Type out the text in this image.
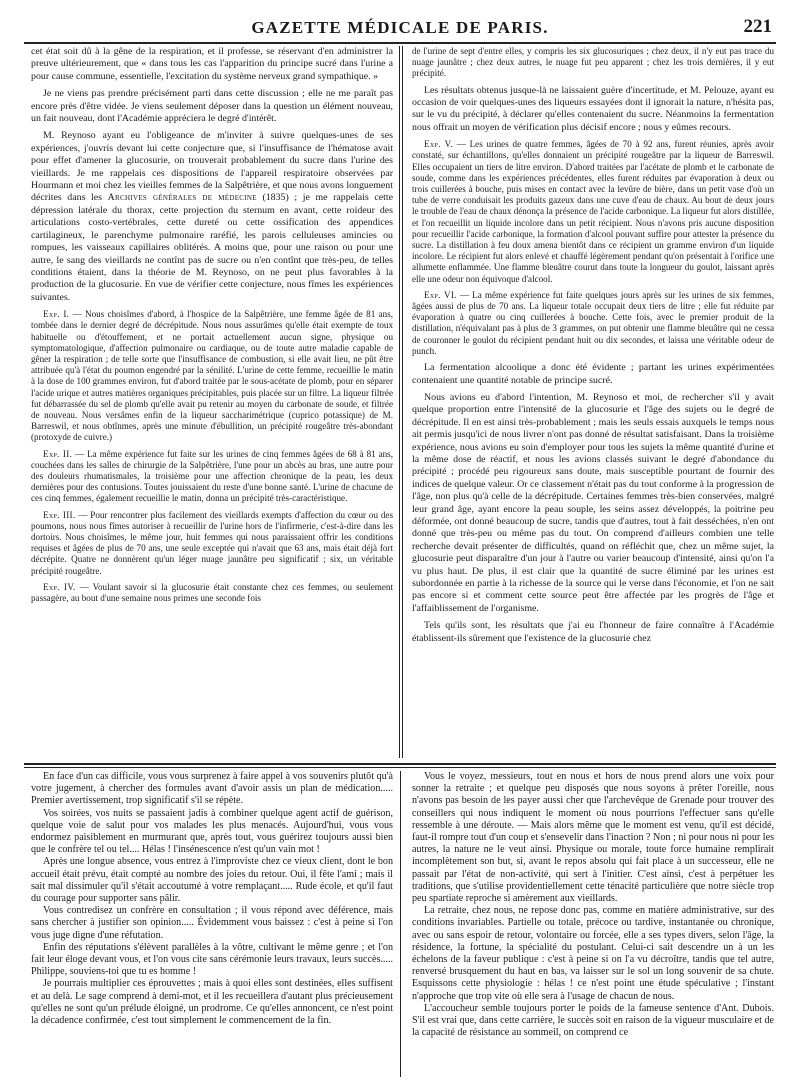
GAZETTE MÉDICALE DE PARIS.	221

cet état soit dû à la gêne de la respiration, et il professe, se réservant d'en administrer la preuve ultérieurement, que « dans tous les cas l'apparition du principe sucré dans l'urine a pour cause commune, essentielle, l'excitation du système nerveux grand sympathique. »

Je ne viens pas prendre précisément parti dans cette discussion ; elle ne me paraît pas encore près d'être vidée. Je viens seulement déposer dans la question un élément nouveau, un fait nouveau, dont l'Académie appréciera le degré d'intérêt.

M. Reynoso ayant eu l'obligeance de m'inviter à suivre quelques-unes de ses expériences, j'ouvris devant lui cette conjecture que, si l'insuffisance de l'hématose avait pour effet d'amener la glucosurie, on trouverait probablement du sucre dans l'urine des vieillards. Je me rappelais ces dispositions de l'appareil respiratoire observées par Hourmann et moi chez les vieilles femmes de la Salpêtrière, et que nous avons longuement décrites dans les Archives générales de médecine (1835) ; je me rappelais cette dépression latérale du thorax, cette projection du sternum en avant, cette roideur des articulations costo-vertébrales, cette dureté ou cette ossification des appendices cartilagineux, le parenchyme pulmonaire raréfié, les parois celluleuses amincies ou rompues, les vaisseaux capillaires oblitérés. A moins que, pour une raison ou pour une autre, le sang des vieillards ne contînt pas de sucre ou n'en contînt que très-peu, de telles conditions étaient, dans la théorie de M. Reynoso, on ne peut plus favorables à la production de la glucosurie. En vue de vérifier cette conjecture, nous fîmes les expériences suivantes.

Exp. I. — Nous choisîmes d'abord, à l'hospice de la Salpêtrière, une femme âgée de 81 ans, tombée dans le dernier degré de décrépitude. Nous nous assurâmes qu'elle était exempte de toux habituelle ou d'étouffement, et ne portait actuellement aucun signe, physique ou symptomatologique, d'affection pulmonaire ou cardiaque, ou de toute autre maladie capable de gêner la respiration ; de telle sorte que l'insuffisance de combustion, si elle avait lieu, ne pût être attribuée qu'à l'état du poumon engendré par la sénilité. L'urine de cette femme, recueillie le matin à la dose de 100 grammes environ, fut d'abord traitée par le sous-acétate de plomb, pour en séparer l'acide urique et autres matières organiques précipitables, puis placée sur un filtre. La liqueur filtrée fut débarrassée du sel de plomb qu'elle avait pu retenir au moyen du carbonate de soude, et filtrée de nouveau. Nous versâmes enfin de la liqueur saccharimétrique (cuprico potassique) de M. Barreswil, et nous obtînmes, après une minute d'ébullition, un précipité rougeâtre très-abondant (protoxyde de cuivre.)

Exp. II. — La même expérience fut faite sur les urines de cinq femmes âgées de 68 à 81 ans, couchées dans les salles de chirurgie de la Salpêtrière, l'une pour un abcès au bras, une autre pour des douleurs rhumatismales, la troisième pour une affection chronique de la peau, les deux dernières pour des contusions. Toutes jouissaient du reste d'une bonne santé. L'urine de chacune de ces cinq femmes, également recueillie le matin, donna un précipité très-caractéristique.

Exp. III. — Pour rencontrer plus facilement des vieillards exempts d'affection du cœur ou des poumons, nous nous fîmes autoriser à recueillir de l'urine hors de l'infirmerie, c'est-à-dire dans les dortoirs. Nous choisîmes, le même jour, huit femmes qui nous paraissaient offrir les conditions requises et âgées de plus de 70 ans, une seule exceptée qui n'avait que 63 ans, mais était déjà fort décrépite. Quatre ne donnèrent qu'un léger nuage jaunâtre peu significatif ; six, un véritable précipité rougeâtre.

Exp. IV. — Voulant savoir si la glucosurie était constante chez ces femmes, ou seulement passagère, au bout d'une semaine nous primes une seconde fois

de l'urine de sept d'entre elles, y compris les six glucosuriques ; chez deux, il n'y eut pas trace du nuage jaunâtre ; chez deux autres, le nuage fut peu apparent ; chez les trois dernières, il y eut précipité.

Les résultats obtenus jusque-là ne laissaient guère d'incertitude, et M. Pelouze, ayant eu occasion de voir quelques-unes des liqueurs essayées dont il ignorait la nature, n'hésita pas, sur le vu du précipité, à déclarer qu'elles contenaient du sucre. Néanmoins la fermentation nous offrait un moyen de vérification plus décisif encore ; nous y eûmes recours.

Exp. V. — Les urines de quatre femmes, âgées de 70 à 92 ans, furent réunies, après avoir constaté, sur échantillons, qu'elles donnaient un précipité rougeâtre par la liqueur de Barreswil. Elles occupaient un tiers de litre environ. D'abord traitées par l'acétate de plomb et le carbonate de soude, comme dans les expériences précédentes, elles furent réduites par évaporation à deux ou trois cuillerées à bouche, puis mises en contact avec la levûre de bière, dans un petit vase d'où un tube de verre conduisait les produits gazeux dans une cuve d'eau de chaux. Au bout de deux jours le trouble de l'eau de chaux dénonça la présence de l'acide carbonique. La liqueur fut alors distillée, et l'on recueillit un liquide incolore dans un petit récipient. Nous n'avons pris aucune disposition pour recueillir l'acide carbonique, la formation d'alcool pouvant suffire pour attester la présence du sucre. La distillation à feu doux amena bientôt dans ce récipient un gramme environ d'un liquide incolore. Le récipient fut alors enlevé et chauffé légèrement pendant qu'on présentait à l'orifice une allumette enflammée. Une flamme bleuâtre courut dans toute la longueur du goulot, laissant après elle une odeur non équivoque d'alcool.

Exp. VI. — La même expérience fut faite quelques jours après sur les urines de six femmes, âgées aussi de plus de 70 ans. La liqueur totale occupait deux tiers de litre ; elle fut réduite par évaporation à quatre ou cinq cuillerées à bouche. Cette fois, avec le premier produit de la distillation, n'équivalant pas à plus de 3 grammes, on put obtenir une flamme bleuâtre qui ne cessa de couronner le goulot du récipient pendant huit ou dix secondes, et laissa une véritable odeur de punch.

La fermentation alcoolique a donc été évidente ; partant les urines expérimentées contenaient une quantité notable de principe sucré.

Nous avions eu d'abord l'intention, M. Reynoso et moi, de rechercher s'il y avait quelque proportion entre l'intensité de la glucosurie et l'âge des sujets ou le degré de décrépitude. Il en est ainsi très-probablement ; mais les seuls essais auxquels le temps nous ait permis jusqu'ici de nous livrer n'ont pas donné de résultat satisfaisant. Dans la troisième expérience, nous avions eu soin d'employer pour tous les sujets la même quantité d'urine et la même dose de réactif, et nous les avions classés suivant le degré d'abondance du précipité ; procédé peu rigoureux sans doute, mais susceptible pourtant de fournir des indices de quelque valeur. Or ce classement n'était pas du tout conforme à la progression de l'âge, non plus qu'à celle de la décrépitude. Certaines femmes très-bien conservées, malgré leur grand âge, ayant encore la peau souple, les seins assez développés, la poitrine peu déformée, ont donné beaucoup de sucre, tandis que d'autres, tout à fait desséchées, n'en ont donné que très-peu ou même pas du tout. On comprend d'ailleurs combien une telle recherche devait présenter de difficultés, quand on réfléchit que, chez un même sujet, la glucosurie peut disparaître d'un jour à l'autre ou varier beaucoup d'intensité, ainsi qu'on l'a vu plus haut. De plus, il est clair que la quantité de sucre éliminé par les urines est subordonnée en partie à la richesse de la source qui le verse dans l'économie, et l'on ne sait pas encore si et comment cette source peut être affectée par les progrès de l'âge et l'affaiblissement de l'organisme.

Tels qu'ils sont, les résultats que j'ai eu l'honneur de faire connaître à l'Académie établissent-ils sûrement que l'existence de la glucosurie chez

En face d'un cas difficile, vous vous surprenez à faire appel à vos souvenirs plutôt qu'à votre jugement, à chercher des formules avant d'avoir assis un plan de médication..... Premier avertissement, trop significatif s'il se répète.

Vos soirées, vos nuits se passaient jadis à combiner quelque agent actif de guérison, quelque voie de salut pour vos malades les plus menacés. Aujourd'hui, vous vous endormez paisiblement en murmurant que, après tout, vous guérirez toujours aussi bien que le confrère tel ou tel.... Hélas ! l'insénescence n'est qu'un vain mot !

Après une longue absence, vous entrez à l'improviste chez ce vieux client, dont le bon accueil était prévu, était compté au nombre des joies du retour. Oui, il fête l'ami ; mais il sait mal dissimuler qu'il s'était accoutumé à votre remplaçant..... Rude école, et qu'il faut du courage pour supporter sans pâlir.

Vous contredisez un confrère en consultation ; il vous répond avec déférence, mais sans chercher à justifier son opinion..... Évidemment vous baissez : c'est à peine si l'on vous juge digne d'une réfutation.

Enfin des réputations s'élèvent parallèles à la vôtre, cultivant le même genre ; et l'on fait leur éloge devant vous, et l'on vous cite sans cérémonie leurs travaux, leurs succès..... Philippe, souviens-toi que tu es homme !

Je pourrais multiplier ces éprouvettes ; mais à quoi elles sont destinées, elles suffisent et au delà. Le sage comprend à demi-mot, et il les recueillera d'autant plus précieusement qu'elles ne sont qu'un prélude éloigné, un prodrome. Ce qu'elles annoncent, ce n'est point la décadence confirmée, c'est tout simplement le commencement de la fin.

Vous le voyez, messieurs, tout en nous et hors de nous prend alors une voix pour sonner la retraite ; et quelque peu disposés que nous soyons à prêter l'oreille, nous n'avons pas besoin de les payer aussi cher que l'archevêque de Grenade pour trouver des conseillers qui nous indiquent le moment où nous pourrions l'effectuer sans qu'elle ressemble à une déroute. — Mais alors même que le moment est venu, qu'il est décidé, faut-il rompre tout d'un coup et s'ensevelir dans l'inaction ? Non ; ni pour nous ni pour les autres, la nature ne le veut ainsi. Physique ou morale, toute force humaine remplirait incomplètement son but, si, avant le repos absolu qui fait place à un successeur, elle ne passait par l'état de non-activité, qui sert à l'initier. C'est ainsi, c'est à perpétuer les traditions, que s'utilise providentiellement cette ténacité particulière que notre siècle trop peu spartiate reproche si amèrement aux vieillards.

La retraite, chez nous, ne repose donc pas, comme en matière administrative, sur des conditions invariables. Partielle ou totale, précoce ou tardive, instantanée ou chronique, avec ou sans espoir de retour, volontaire ou forcée, elle a ses types divers, selon l'âge, la résidence, la fortune, la spécialité du postulant. Celui-ci sait descendre un à un les échelons de la faveur publique : c'est à peine si on l'a vu décroître, tandis que tel autre, renversé brusquement du haut en bas, va laisser sur le sol un long souvenir de sa chute. Esquissons cette physiologie : hélas ! ce n'est point une étude spéculative ; l'instant n'approche que trop vite où elle sera à l'usage de chacun de nous.

L'accoucheur semble toujours porter le poids de la fameuse sentence d'Ant. Dubois. S'il est vrai que, dans cette carrière, le succès soit en raison de la vigueur musculaire et de la capacité de résistance au sommeil, on comprend ce
